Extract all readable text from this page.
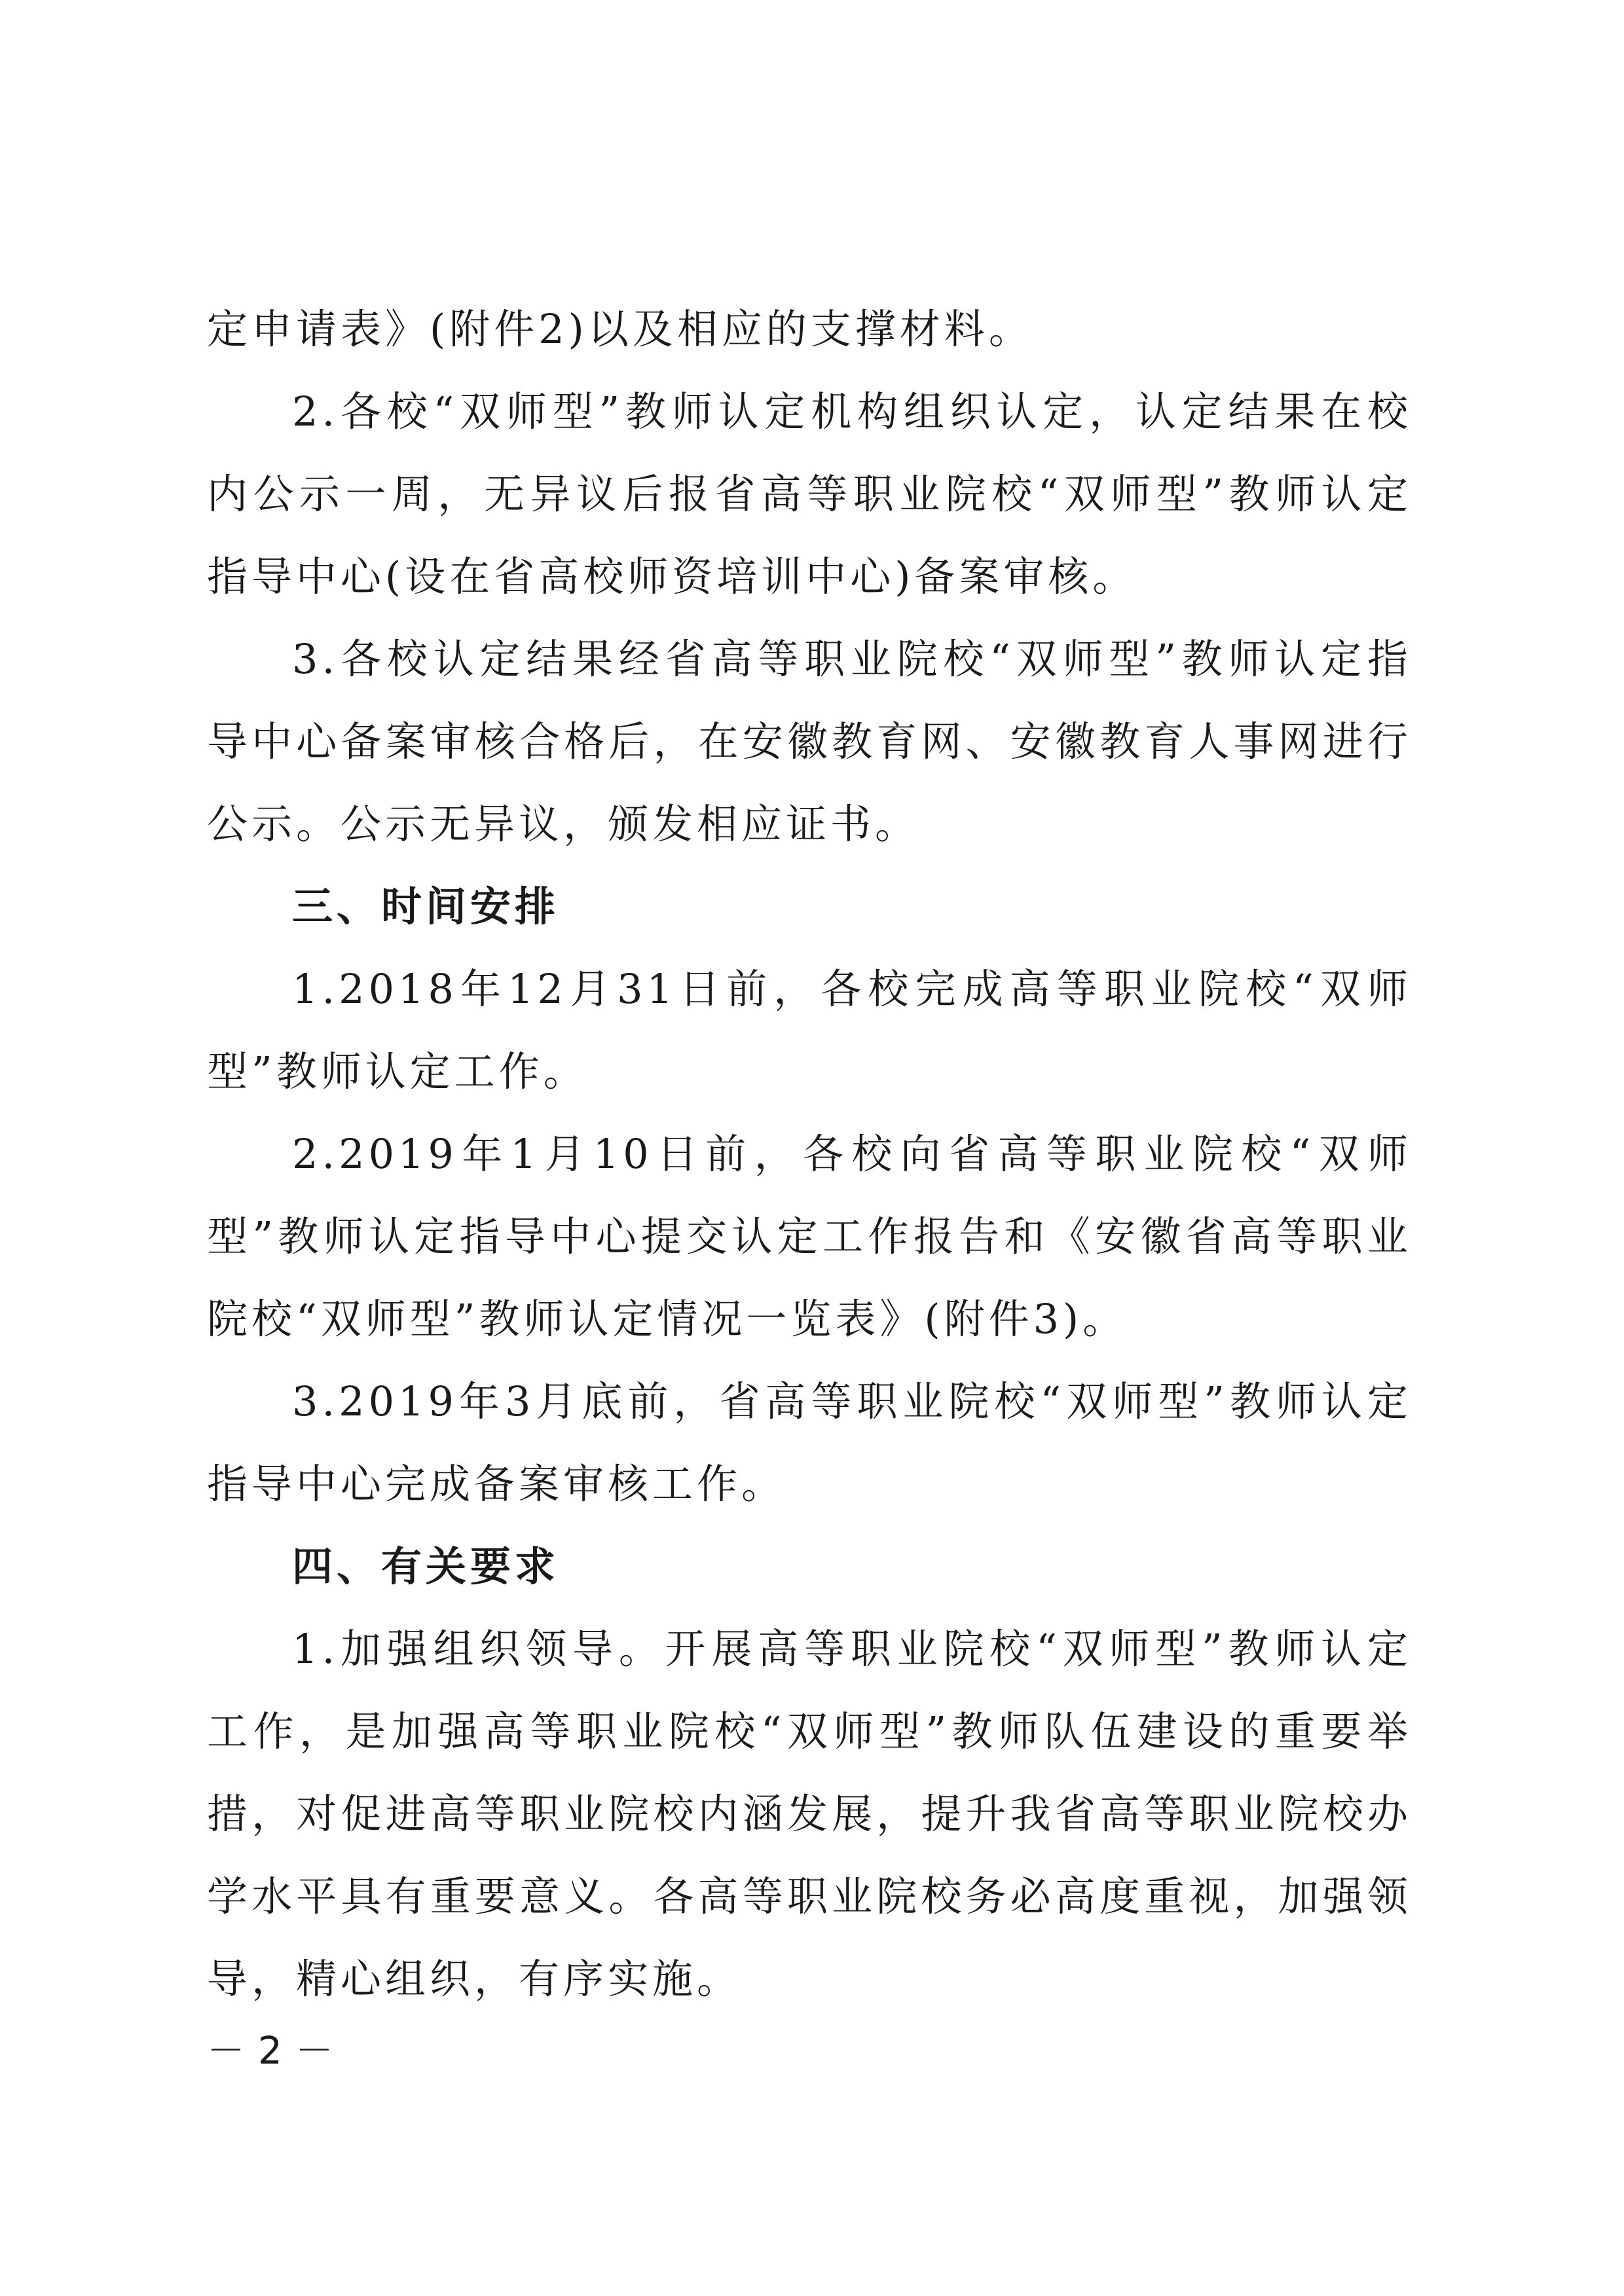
定申请表》(附件2)以及相应的支撑材料。

2.各校“双师型”教师认定机构组织认定，认定结果在校内公示一周，无异议后报省高等职业院校“双师型”教师认定指导中心(设在省高校师资培训中心)备案审核。

3.各校认定结果经省高等职业院校“双师型”教师认定指导中心备案审核合格后，在安徽教育网、安徽教育人事网进行公示。公示无异议，颁发相应证书。

三、时间安排

1.2018年12月31日前，各校完成高等职业院校“双师型”教师认定工作。

2.2019年1月10日前，各校向省高等职业院校“双师型”教师认定指导中心提交认定工作报告和《安徽省高等职业院校“双师型”教师认定情况一览表》(附件3)。

3.2019年3月底前，省高等职业院校“双师型”教师认定指导中心完成备案审核工作。

四、有关要求

1.加强组织领导。开展高等职业院校“双师型”教师认定工作，是加强高等职业院校“双师型”教师队伍建设的重要举措，对促进高等职业院校内涵发展，提升我省高等职业院校办学水平具有重要意义。各高等职业院校务必高度重视，加强领导，精心组织，有序实施。

－2－
